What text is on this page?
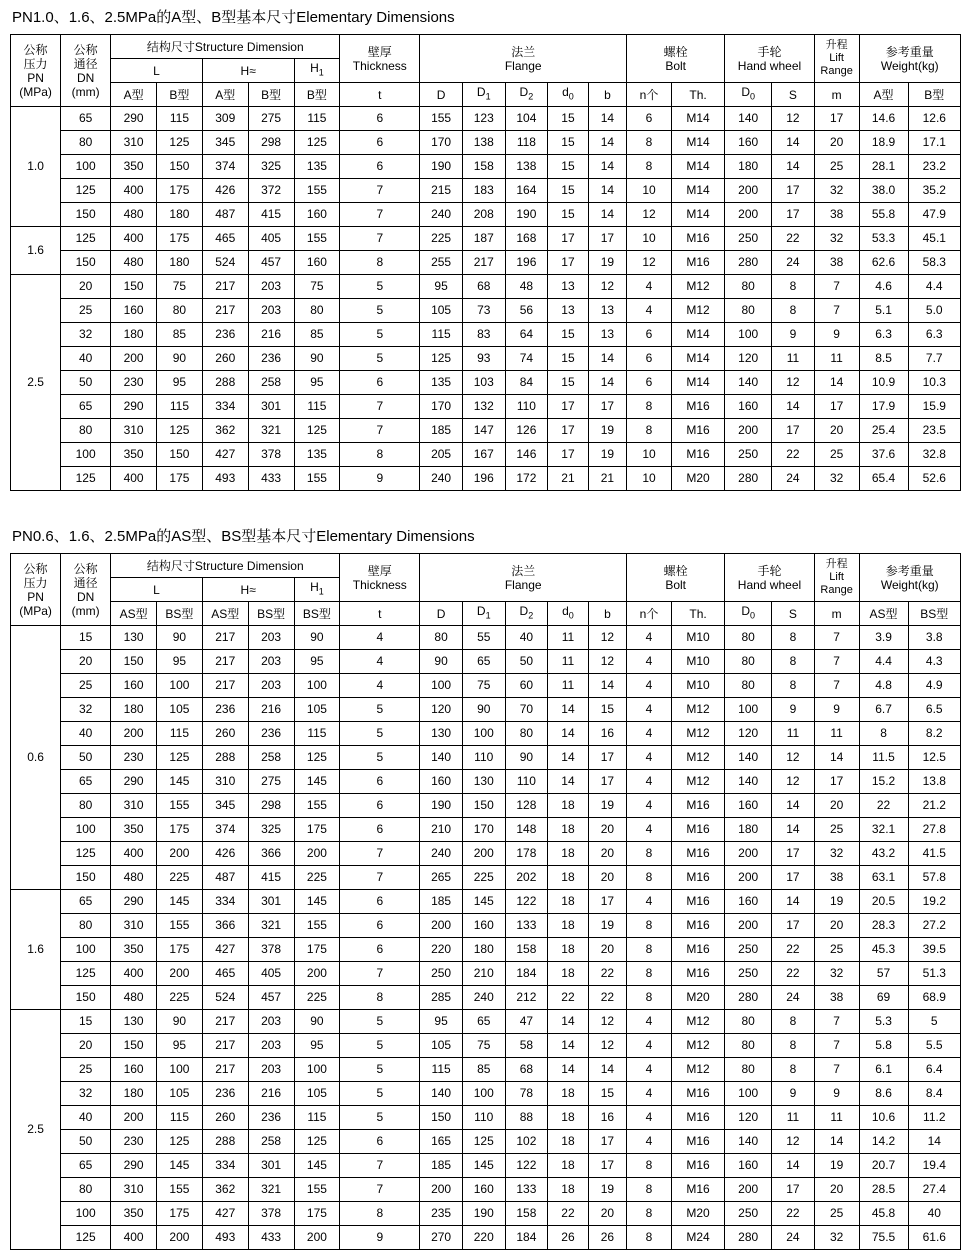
PN1.0、1.6、2.5MPa的A型、B型基本尺寸Elementary Dimensions
公称
压力
PN
(MPa)	公称
通径
DN
(mm)	结构尺寸Structure Dimension					壁厚
Thickness	法兰
Flange					螺栓
Bolt		手轮
Hand wheel		升程
Lift
Range	参考重量
Weight(kg)	

		L		H≈		$H_1$
		A型	B型	A型	B型	B型	t	D	$D_1$	$D_2$	$d_0$	b	n个	Th.	$D_0$	S	m	A型	B型
1.0	65	290	115	309	275	115	6	155	123	104	15	14	6	M14	140	12	17	14.6	12.6
	80	310	125	345	298	125	6	170	138	118	15	14	8	M14	160	14	20	18.9	17.1
	100	350	150	374	325	135	6	190	158	138	15	14	8	M14	180	14	25	28.1	23.2
	125	400	175	426	372	155	7	215	183	164	15	14	10	M14	200	17	32	38.0	35.2
	150	480	180	487	415	160	7	240	208	190	15	14	12	M14	200	17	38	55.8	47.9
1.6	125	400	175	465	405	155	7	225	187	168	17	17	10	M16	250	22	32	53.3	45.1
	150	480	180	524	457	160	8	255	217	196	17	19	12	M16	280	24	38	62.6	58.3
2.5	20	150	75	217	203	75	5	95	68	48	13	12	4	M12	80	8	7	4.6	4.4
	25	160	80	217	203	80	5	105	73	56	13	13	4	M12	80	8	7	5.1	5.0
	32	180	85	236	216	85	5	115	83	64	15	13	6	M14	100	9	9	6.3	6.3
	40	200	90	260	236	90	5	125	93	74	15	14	6	M14	120	11	11	8.5	7.7
	50	230	95	288	258	95	6	135	103	84	15	14	6	M14	140	12	14	10.9	10.3
	65	290	115	334	301	115	7	170	132	110	17	17	8	M16	160	14	17	17.9	15.9
	80	310	125	362	321	125	7	185	147	126	17	19	8	M16	200	17	20	25.4	23.5
	100	350	150	427	378	135	8	205	167	146	17	19	10	M16	250	22	25	37.6	32.8
	125	400	175	493	433	155	9	240	196	172	21	21	10	M20	280	24	32	65.4	52.6
PN0.6、1.6、2.5MPa的AS型、BS型基本尺寸Elementary Dimensions
公称
压力
PN
(MPa)	公称
通径
DN
(mm)	结构尺寸Structure Dimension					壁厚
Thickness	法兰
Flange					螺栓
Bolt		手轮
Hand wheel		升程
Lift
Range	参考重量
Weight(kg)	

		L		H≈		$H_1$
		AS型	BS型	AS型	BS型	BS型	t	D	$D_1$	$D_2$	$d_0$	b	n个	Th.	$D_0$	S	m	AS型	BS型
0.6	15	130	90	217	203	90	4	80	55	40	11	12	4	M10	80	8	7	3.9	3.8
	20	150	95	217	203	95	4	90	65	50	11	12	4	M10	80	8	7	4.4	4.3
	25	160	100	217	203	100	4	100	75	60	11	14	4	M10	80	8	7	4.8	4.9
	32	180	105	236	216	105	5	120	90	70	14	15	4	M12	100	9	9	6.7	6.5
	40	200	115	260	236	115	5	130	100	80	14	16	4	M12	120	11	11	8	8.2
	50	230	125	288	258	125	5	140	110	90	14	17	4	M12	140	12	14	11.5	12.5
	65	290	145	310	275	145	6	160	130	110	14	17	4	M12	140	12	17	15.2	13.8
	80	310	155	345	298	155	6	190	150	128	18	19	4	M16	160	14	20	22	21.2
	100	350	175	374	325	175	6	210	170	148	18	20	4	M16	180	14	25	32.1	27.8
	125	400	200	426	366	200	7	240	200	178	18	20	8	M16	200	17	32	43.2	41.5
	150	480	225	487	415	225	7	265	225	202	18	20	8	M16	200	17	38	63.1	57.8
1.6	65	290	145	334	301	145	6	185	145	122	18	17	4	M16	160	14	19	20.5	19.2
	80	310	155	366	321	155	6	200	160	133	18	19	8	M16	200	17	20	28.3	27.2
	100	350	175	427	378	175	6	220	180	158	18	20	8	M16	250	22	25	45.3	39.5
	125	400	200	465	405	200	7	250	210	184	18	22	8	M16	250	22	32	57	51.3
	150	480	225	524	457	225	8	285	240	212	22	22	8	M20	280	24	38	69	68.9
2.5	15	130	90	217	203	90	5	95	65	47	14	12	4	M12	80	8	7	5.3	5
	20	150	95	217	203	95	5	105	75	58	14	12	4	M12	80	8	7	5.8	5.5
	25	160	100	217	203	100	5	115	85	68	14	14	4	M12	80	8	7	6.1	6.4
	32	180	105	236	216	105	5	140	100	78	18	15	4	M16	100	9	9	8.6	8.4
	40	200	115	260	236	115	5	150	110	88	18	16	4	M16	120	11	11	10.6	11.2
	50	230	125	288	258	125	6	165	125	102	18	17	4	M16	140	12	14	14.2	14
	65	290	145	334	301	145	7	185	145	122	18	17	8	M16	160	14	19	20.7	19.4
	80	310	155	362	321	155	7	200	160	133	18	19	8	M16	200	17	20	28.5	27.4
	100	350	175	427	378	175	8	235	190	158	22	20	8	M20	250	22	25	45.8	40
	125	400	200	493	433	200	9	270	220	184	26	26	8	M24	280	24	32	75.5	61.6
